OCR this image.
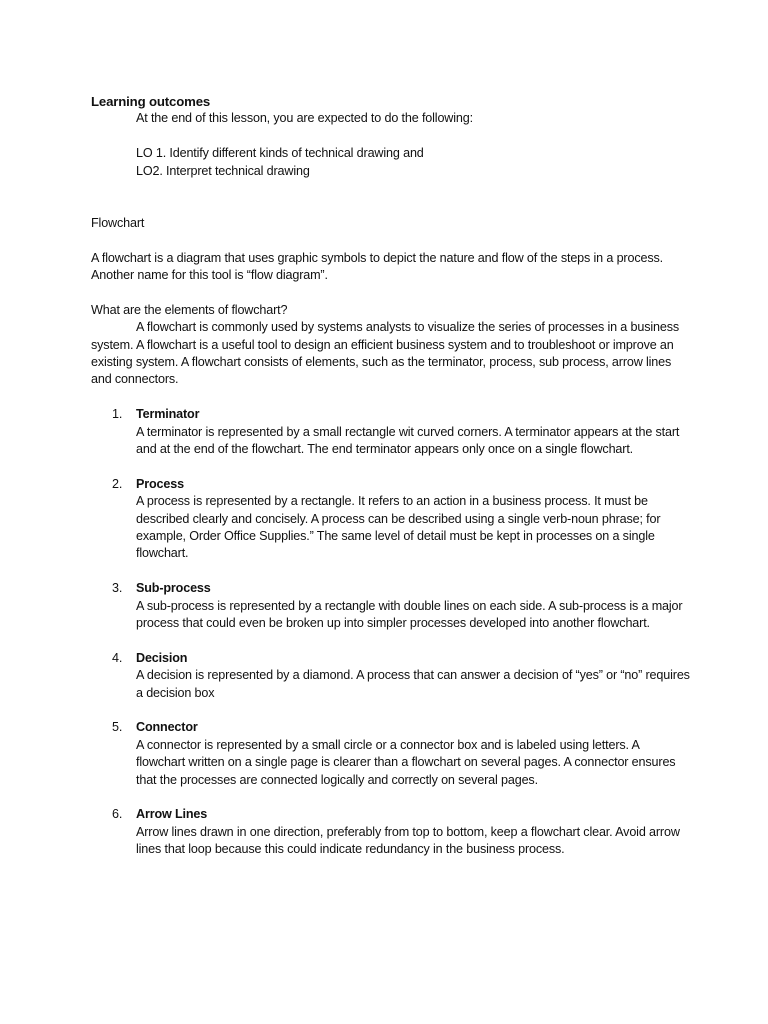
Learning outcomes

At the end of this lesson, you are expected to do the following:

LO 1. Identify different kinds of technical drawing and

LO2. Interpret technical drawing

Flowchart

A flowchart is a diagram that uses graphic symbols to depict the nature and flow of the steps in a process. Another name for this tool is “flow diagram”.

What are the elements of flowchart?

A flowchart is commonly used by systems analysts to visualize the series of processes in a business system. A flowchart is a useful tool to design an efficient business system and to troubleshoot or improve an existing system. A flowchart consists of elements, such as the terminator, process, sub process, arrow lines and connectors.

1. Terminator
A terminator is represented by a small rectangle wit curved corners. A terminator appears at the start and at the end of the flowchart. The end terminator appears only once on a single flowchart.
2. Process
A process is represented by a rectangle. It refers to an action in a business process. It must be described clearly and concisely. A process can be described using a single verb-noun phrase; for example, Order Office Supplies.” The same level of detail must be kept in processes on a single flowchart.
3. Sub-process
A sub-process is represented by a rectangle with double lines on each side. A sub-process is a major process that could even be broken up into simpler processes developed into another flowchart.
4. Decision
A decision is represented by a diamond. A process that can answer a decision of “yes” or “no” requires a decision box
5. Connector
A connector is represented by a small circle or a connector box and is labeled using letters. A flowchart written on a single page is clearer than a flowchart on several pages. A connector ensures that the processes are connected logically and correctly on several pages.
6. Arrow Lines
Arrow lines drawn in one direction, preferably from top to bottom, keep a flowchart clear. Avoid arrow lines that loop because this could indicate redundancy in the business process.
